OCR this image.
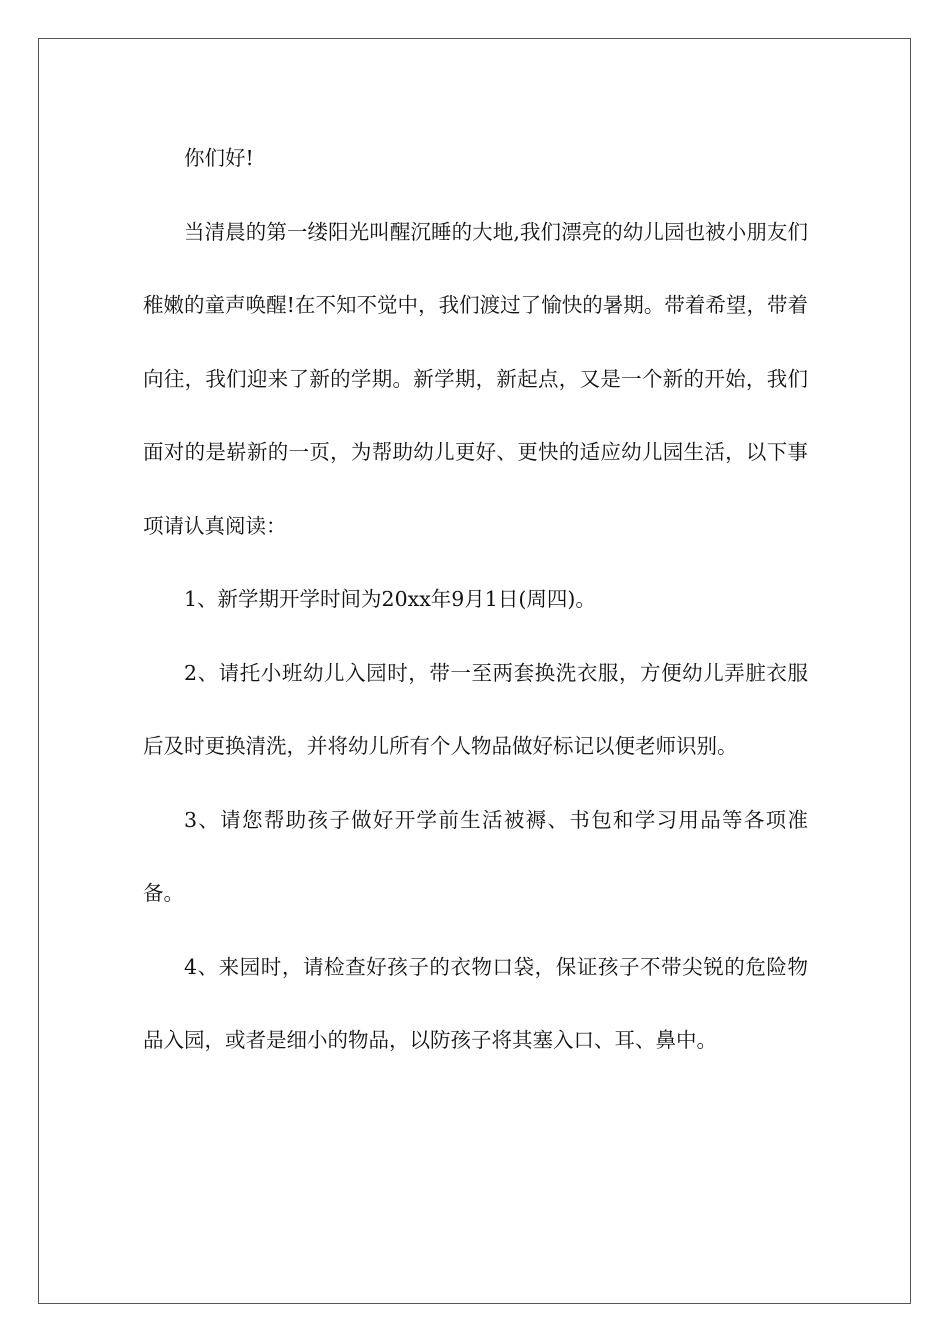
你们好!

当清晨的第一缕阳光叫醒沉睡的大地,我们漂亮的幼儿园也被小朋友们稚嫩的童声唤醒!在不知不觉中，我们渡过了愉快的暑期。带着希望，带着向往，我们迎来了新的学期。新学期，新起点，又是一个新的开始，我们面对的是崭新的一页，为帮助幼儿更好、更快的适应幼儿园生活，以下事项请认真阅读：

1、新学期开学时间为20xx年9月1日(周四)。

2、请托小班幼儿入园时，带一至两套换洗衣服，方便幼儿弄脏衣服后及时更换清洗，并将幼儿所有个人物品做好标记以便老师识别。

3、请您帮助孩子做好开学前生活被褥、书包和学习用品等各项准备。

4、来园时，请检查好孩子的衣物口袋，保证孩子不带尖锐的危险物品入园，或者是细小的物品，以防孩子将其塞入口、耳、鼻中。
